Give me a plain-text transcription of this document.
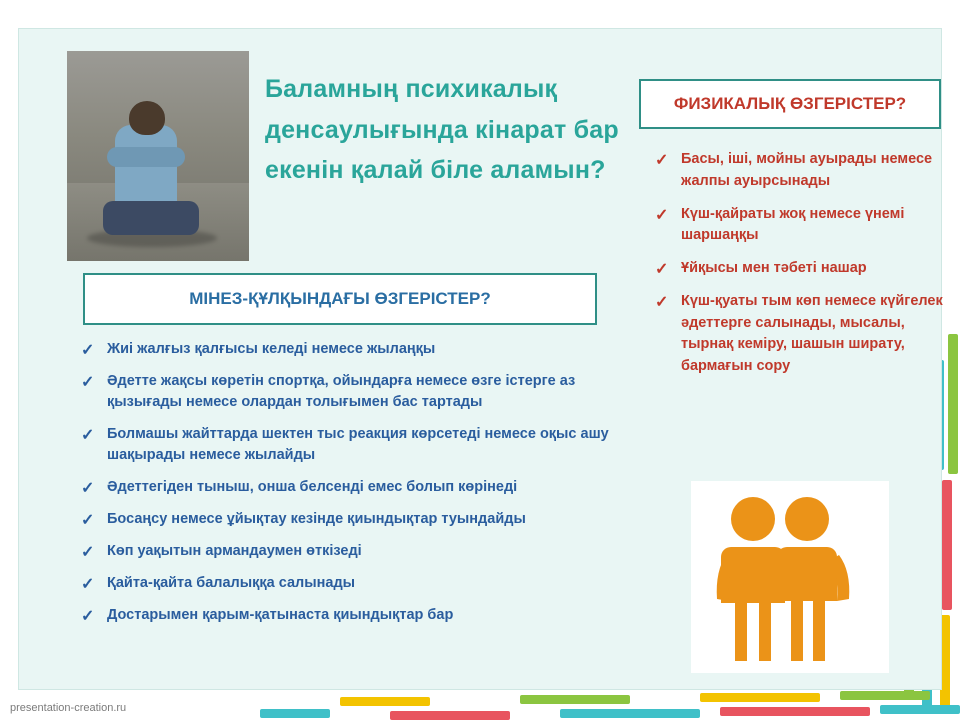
Баламның психикалық денсаулығында кінарат бар екенін қалай біле аламын?
ФИЗИКАЛЫҚ ӨЗГЕРІСТЕР?
✓ Басы, іші, мойны ауырады немесе жалпы ауырсынады
✓ Күш-қайраты жоқ немесе үнемі шаршаңқы
✓ Ұйқысы мен тәбеті нашар
✓ Күш-қуаты тым көп немесе күйгелек әдеттерге салынады, мысалы, тырнақ кеміру, шашын ширату, бармағын сору
МІНЕЗ-ҚҰЛҚЫНДАҒЫ ӨЗГЕРІСТЕР?
✓ Жиі жалғыз қалғысы келеді немесе жылаңқы
✓ Әдетте жақсы көретін спортқа, ойындарға немесе өзге істерге аз қызығады немесе олардан толығымен бас тартады
✓ Болмашы жайттарда шектен тыс реакция көрсетеді немесе оқыс ашу шақырады немесе жылайды
✓ Әдеттегіден тыныш, онша белсенді емес болып көрінеді
✓ Босаңсу немесе ұйықтау кезінде қиындықтар туындайды
✓ Көп уақытын армандаумен өткізеді
✓ Қайта-қайта балалыққа салынады
✓ Достарымен қарым-қатынаста қиындықтар бар
presentation-creation.ru
